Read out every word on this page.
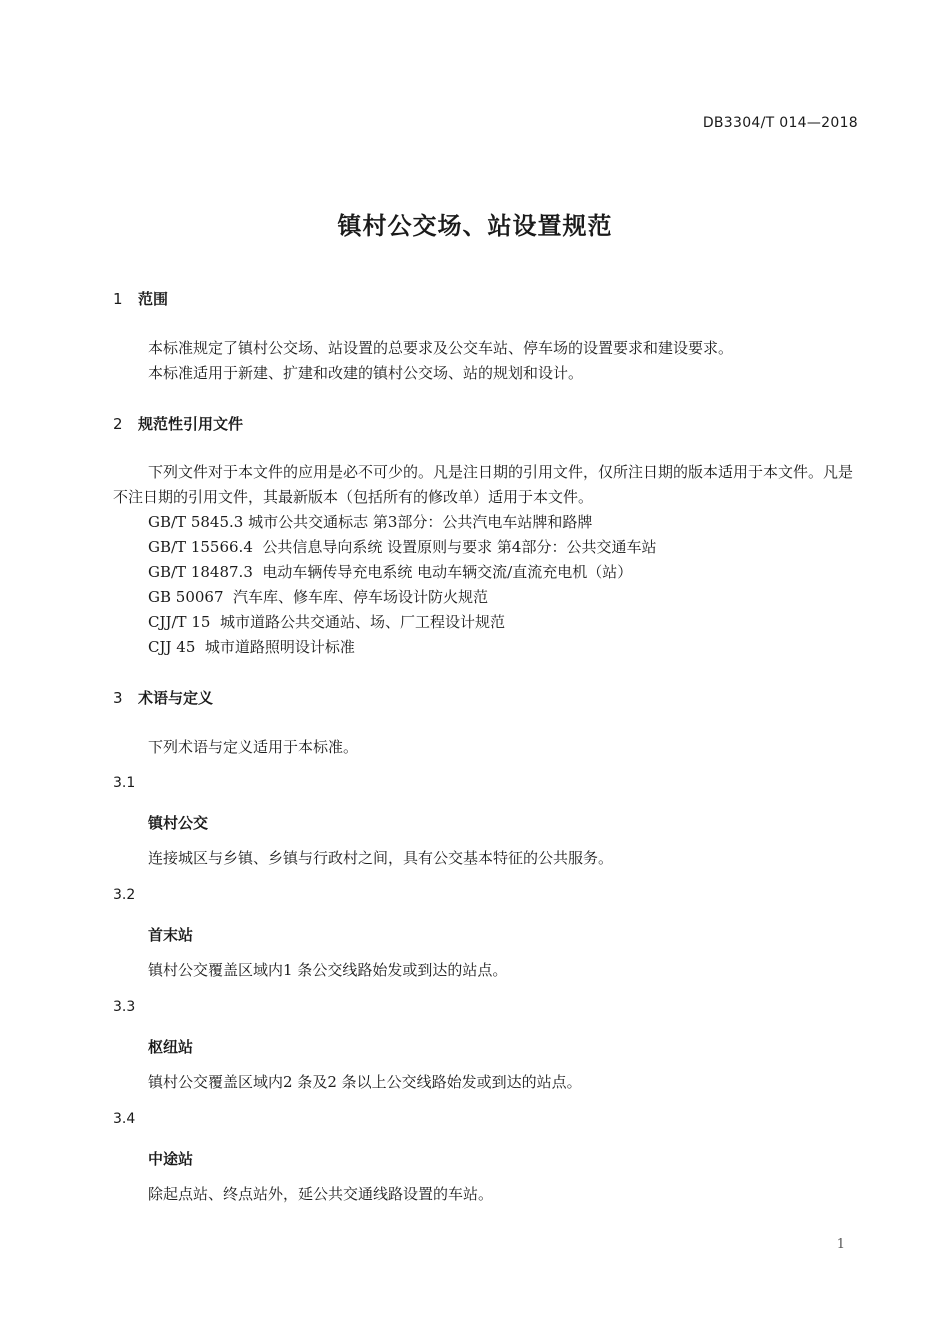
DB3304/T 014—2018
镇村公交场、站设置规范
1 范围
本标准规定了镇村公交场、站设置的总要求及公交车站、停车场的设置要求和建设要求。
本标准适用于新建、扩建和改建的镇村公交场、站的规划和设计。
2 规范性引用文件
下列文件对于本文件的应用是必不可少的。凡是注日期的引用文件，仅所注日期的版本适用于本文件。凡是不注日期的引用文件，其最新版本（包括所有的修改单）适用于本文件。
GB/T 5845.3 城市公共交通标志 第3部分：公共汽电车站牌和路牌
GB/T 15566.4  公共信息导向系统 设置原则与要求 第4部分：公共交通车站
GB/T 18487.3  电动车辆传导充电系统 电动车辆交流/直流充电机（站）
GB 50067  汽车库、修车库、停车场设计防火规范
CJJ/T 15  城市道路公共交通站、场、厂工程设计规范
CJJ 45  城市道路照明设计标准
3 术语与定义
下列术语与定义适用于本标准。
3.1
镇村公交
连接城区与乡镇、乡镇与行政村之间，具有公交基本特征的公共服务。
3.2
首末站
镇村公交覆盖区域内1 条公交线路始发或到达的站点。
3.3
枢纽站
镇村公交覆盖区域内2 条及2 条以上公交线路始发或到达的站点。
3.4
中途站
除起点站、终点站外，延公共交通线路设置的车站。
1
